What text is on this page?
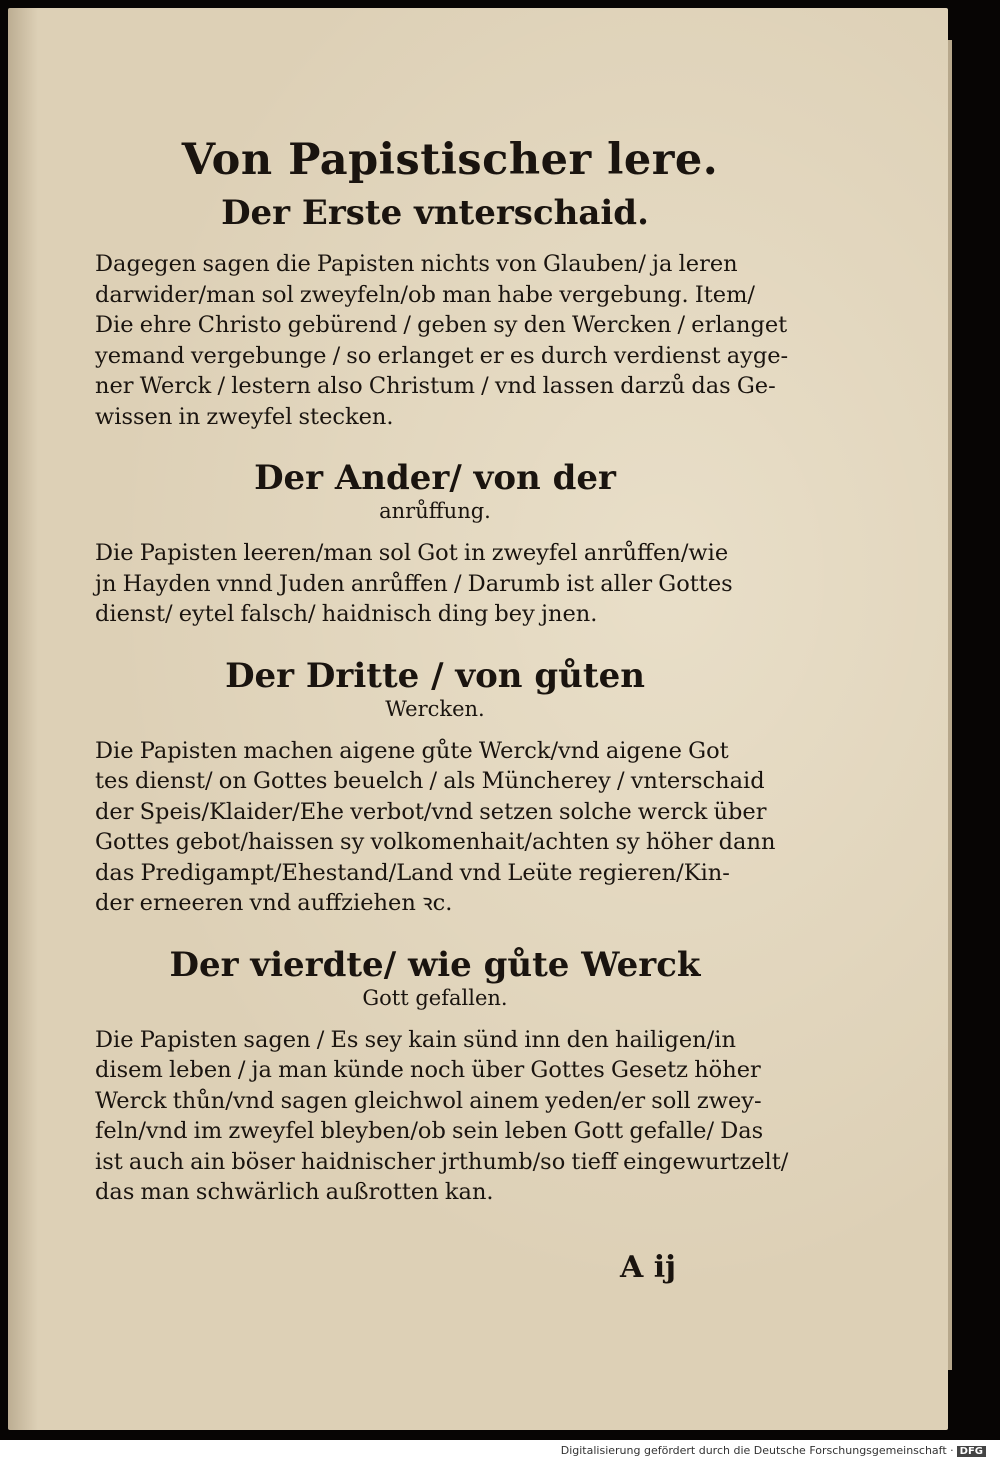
Von Papistischer lere.
Der Erste vnterschaid.

Dagegen sagen die Papisten nichts von Glauben/ ja leren
darwider/man sol zweyfeln/ob man habe vergebung. Item/
Die ehre Christo gebürend / geben sy den Wercken / erlanget
yemand vergebunge / so erlanget er es durch verdienst ayge-
ner Werck / lestern also Christum / vnd lassen darzů das Ge-
wissen in zweyfel stecken.

Der Ander/ von der
anrůffung.

Die Papisten leeren/man sol Got in zweyfel anrůffen/wie
jn Hayden vnnd Juden anrůffen / Darumb ist aller Gottes
dienst/ eytel falsch/ haidnisch ding bey jnen.

Der Dritte / von gůten
Wercken.

Die Papisten machen aigene gůte Werck/vnd aigene Got
tes dienst/ on Gottes beuelch / als Müncherey / vnterschaid
der Speis/Klaider/Ehe verbot/vnd setzen solche werck über
Gottes gebot/haissen sy volkomenhait/achten sy höher dann
das Predigampt/Ehestand/Land vnd Leüte regieren/Kin-
der erneeren vnd auffziehen ꝛc.

Der vierdte/ wie gůte Werck
Gott gefallen.

Die Papisten sagen / Es sey kain sünd inn den hailigen/in
disem leben / ja man künde noch über Gottes Gesetz höher
Werck thůn/vnd sagen gleichwol ainem yeden/er soll zwey-
feln/vnd im zweyfel bleyben/ob sein leben Gott gefalle/ Das
ist auch ain böser haidnischer jrthumb/so tieff eingewurtzelt/
das man schwärlich außrotten kan.

A ij
Digitalisierung gefördert durch die Deutsche Forschungsgemeinschaft · DFG
